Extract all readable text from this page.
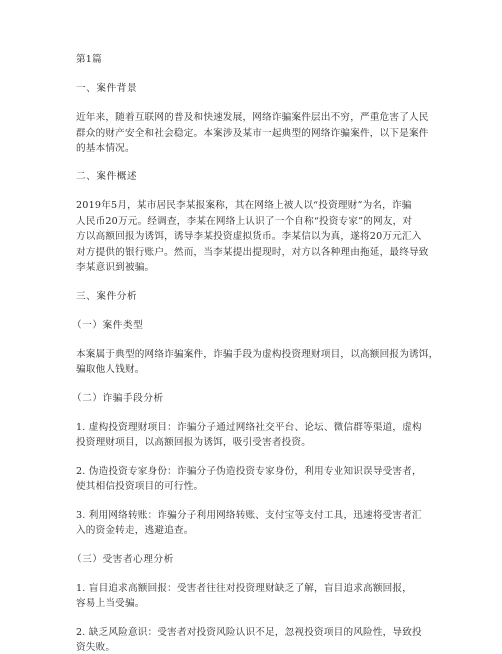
第1篇
一、案件背景
近年来，随着互联网的普及和快速发展，网络诈骗案件层出不穷，严重危害了人民
群众的财产安全和社会稳定。本案涉及某市一起典型的网络诈骗案件，以下是案件
的基本情况。
二、案件概述
2019年5月，某市居民李某报案称，其在网络上被人以“投资理财”为名，诈骗
人民币20万元。经调查，李某在网络上认识了一个自称“投资专家”的网友，对
方以高额回报为诱饵，诱导李某投资虚拟货币。李某信以为真，遂将20万元汇入
对方提供的银行账户。然而，当李某提出提现时，对方以各种理由拖延，最终导致
李某意识到被骗。
三、案件分析
（一）案件类型
本案属于典型的网络诈骗案件，诈骗手段为虚构投资理财项目，以高额回报为诱饵，
骗取他人钱财。
（二）诈骗手段分析
1. 虚构投资理财项目：诈骗分子通过网络社交平台、论坛、微信群等渠道，虚构
投资理财项目，以高额回报为诱饵，吸引受害者投资。
2. 伪造投资专家身份：诈骗分子伪造投资专家身份，利用专业知识误导受害者，
使其相信投资项目的可行性。
3. 利用网络转账：诈骗分子利用网络转账、支付宝等支付工具，迅速将受害者汇
入的资金转走，逃避追查。
（三）受害者心理分析
1. 盲目追求高额回报：受害者往往对投资理财缺乏了解，盲目追求高额回报，
容易上当受骗。
2. 缺乏风险意识：受害者对投资风险认识不足，忽视投资项目的风险性，导致投
资失败。
